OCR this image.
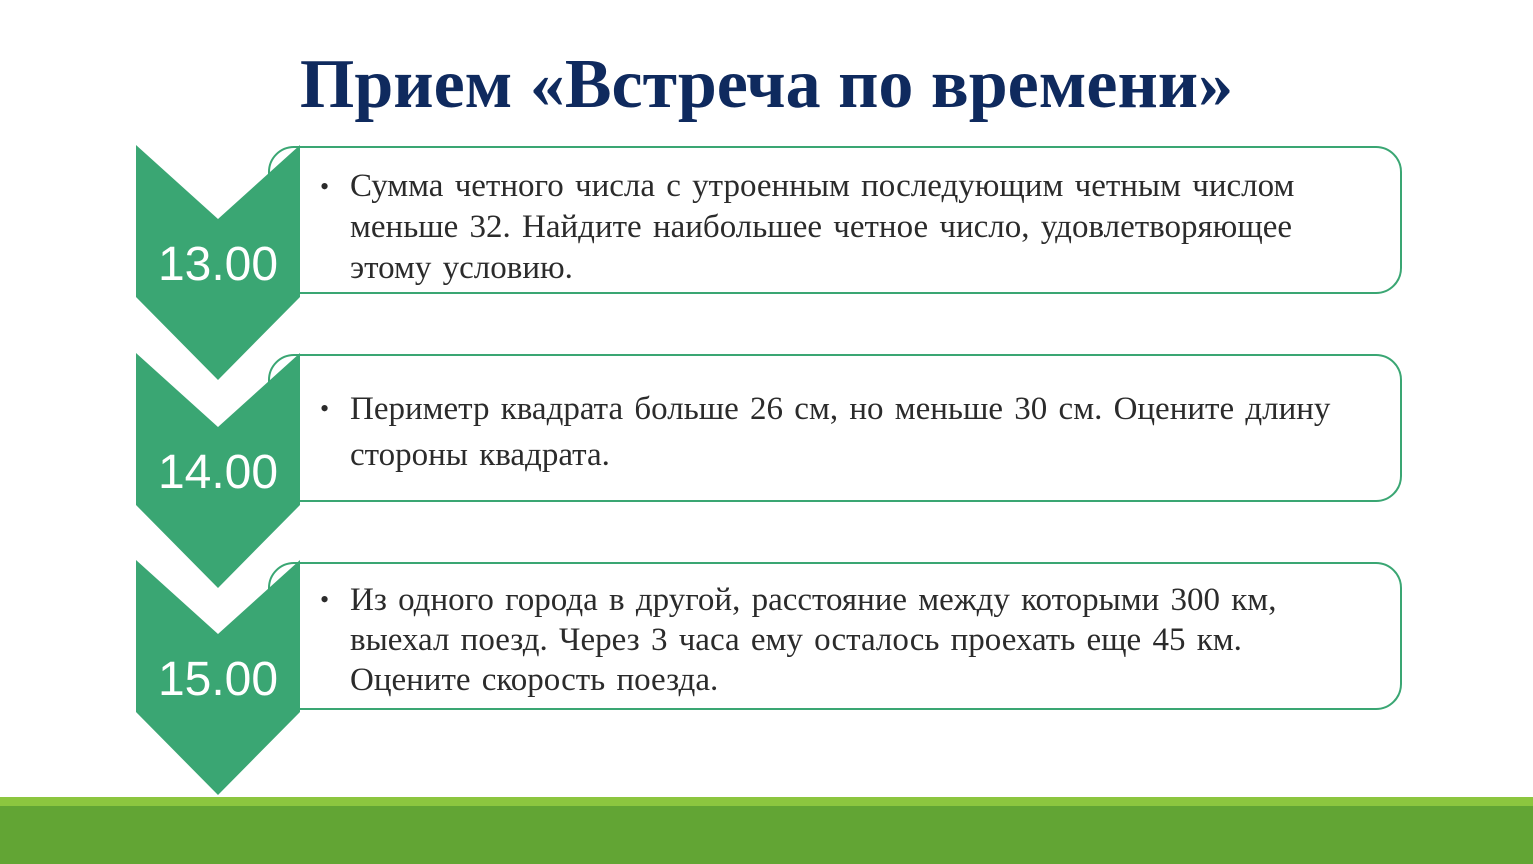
Прием «Встреча по времени»
• Сумма четного числа с утроенным последующим четным числом меньше 32. Найдите наибольшее четное число, удовлетворяющее этому условию.
13.00
• Периметр квадрата больше 26 см, но меньше 30 см. Оцените длину стороны квадрата.
14.00
• Из одного города в другой, расстояние между которыми 300 км, выехал поезд. Через 3 часа ему осталось проехать еще 45 км. Оцените скорость поезда.
15.00
